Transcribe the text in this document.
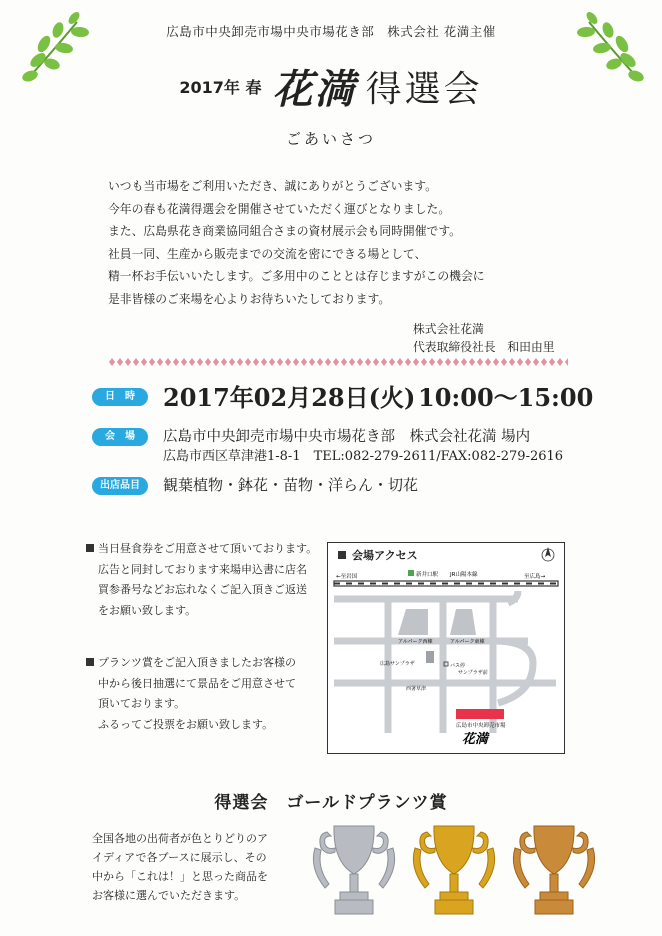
広島市中央卸売市場中央市場花き部　株式会社 花満主催
2017年 春 花満 得選会
ごあいさつ
いつも当市場をご利用いただき、誠にありがとうございます。
今年の春も花満得選会を開催させていただく運びとなりました。
また、広島県花き商業協同組合さまの資材展示会も同時開催です。
社員一同、生産から販売までの交流を密にできる場として、
精一杯お手伝いいたします。ご多用中のこととは存じますがこの機会に
是非皆様のご来場を心よりお待ちいたしております。
株式会社花満
代表取締役社長　和田由里
日　時	2017年02月28日(火) 10:00〜15:00
会　場	広島市中央卸売市場中央市場花き部　株式会社花満 場内
広島市西区草津港1-8-1　TEL:082-279-2611/FAX:082-279-2616
出店品目	観葉植物・鉢花・苗物・洋らん・切花
当日昼食券をご用意させて頂いております。
広告と同封しております来場申込書に店名
買参番号などお忘れなくご記入頂きご返送
をお願い致します。
プランツ賞をご記入頂きましたお客様の
中から後日抽選にて景品をご用意させて
頂いております。
ふるってご投票をお願い致します。
会場アクセス
←至岩国	新井口駅 JR山陽本線	至広島→
アルパーク西棟	アルパーク東棟
広島サンプラザ	バス停
サンプラザ前
西署草津
広島市中央卸売市場
花満
得選会　ゴールドプランツ賞
全国各地の出荷者が色とりどりのア
イディアで各ブースに展示し、その
中から「これは！」と思った商品を
お客様に選んでいただきます。
